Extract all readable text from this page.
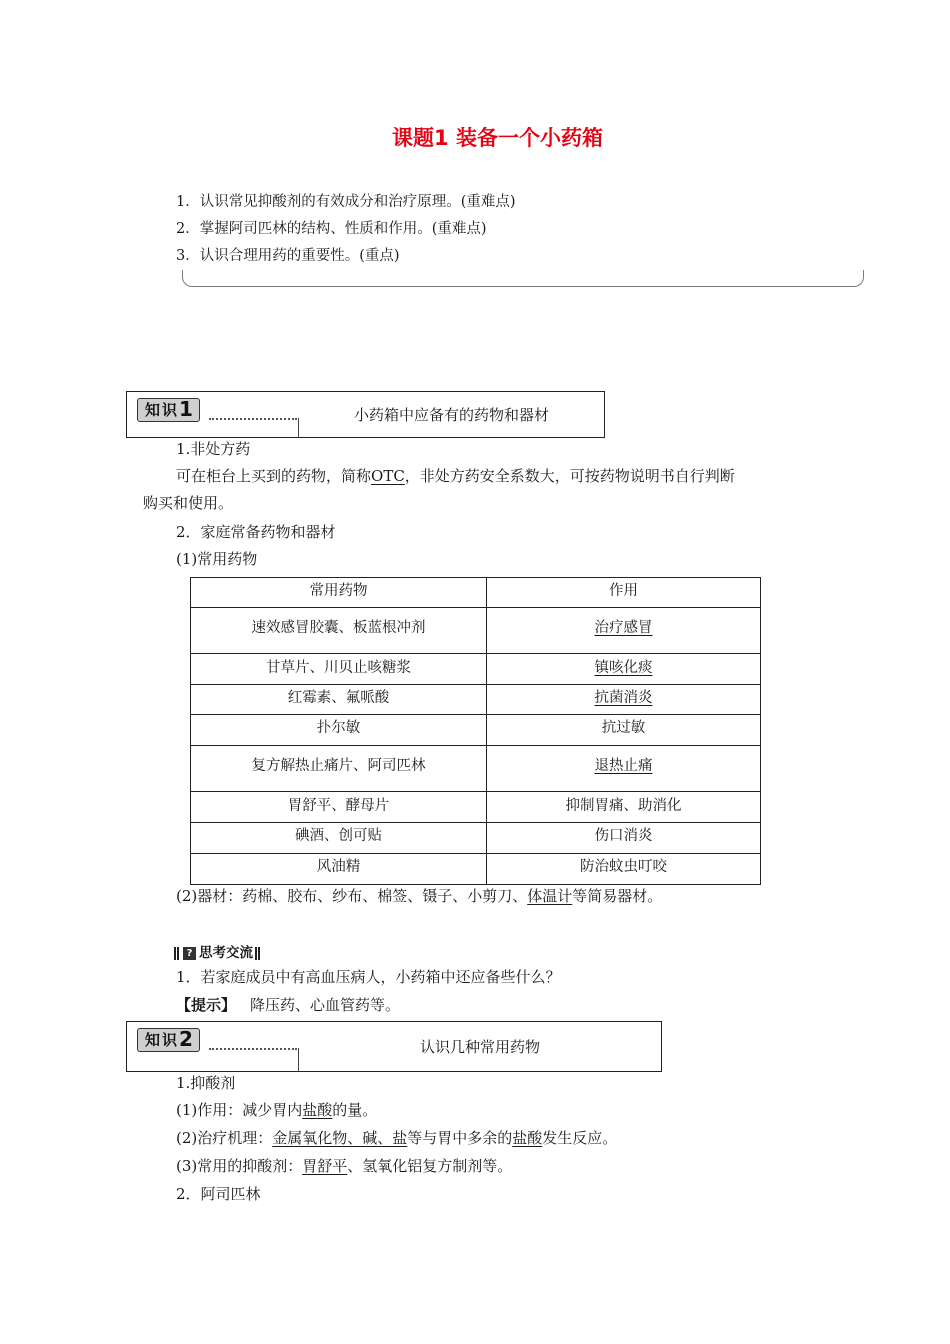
课题1 装备一个小药箱
1．认识常见抑酸剂的有效成分和治疗原理。(重难点)
2．掌握阿司匹林的结构、性质和作用。(重难点)
3．认识合理用药的重要性。(重点)
知识1	小药箱中应备有的药物和器材
1.非处方药
可在柜台上买到的药物，简称OTC，非处方药安全系数大，可按药物说明书自行判断
购买和使用。
2．家庭常备药物和器材
(1)常用药物
常用药物	作用
速效感冒胶囊、板蓝根冲剂	治疗感冒
甘草片、川贝止咳糖浆	镇咳化痰
红霉素、氟哌酸	抗菌消炎
扑尔敏	抗过敏
复方解热止痛片、阿司匹林	退热止痛
胃舒平、酵母片	抑制胃痛、助消化
碘酒、创可贴	伤口消炎
风油精	防治蚊虫叮咬
(2)器材：药棉、胶布、纱布、棉签、镊子、小剪刀、体温计等简易器材。
? 思考交流
1．若家庭成员中有高血压病人，小药箱中还应备些什么？
【提示】 降压药、心血管药等。
知识2	认识几种常用药物
1.抑酸剂
(1)作用：减少胃内盐酸的量。
(2)治疗机理：金属氧化物、碱、盐等与胃中多余的盐酸发生反应。
(3)常用的抑酸剂：胃舒平、氢氧化铝复方制剂等。
2．阿司匹林
